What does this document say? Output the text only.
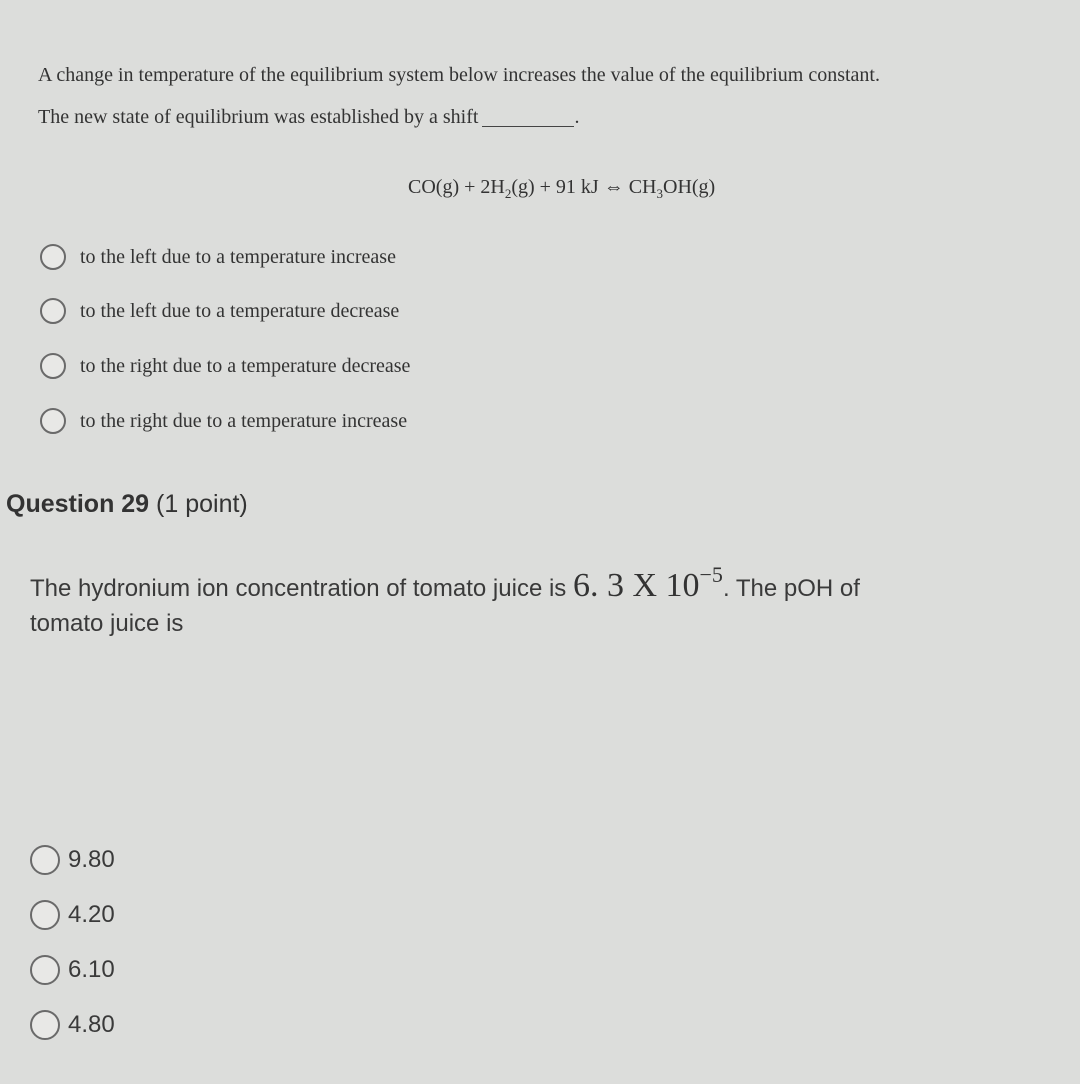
A change in temperature of the equilibrium system below increases the value of the equilibrium constant.
The new state of equilibrium was established by a shift	.
$CO(g) + 2H_2(g) + 91$ kJ ⇔ $CH_3OH(g)$
to the left due to a temperature increase
to the left due to a temperature decrease
to the right due to a temperature decrease
to the right due to a temperature increase
Question 29 (1 point)
The hydronium ion concentration of tomato juice is 6. 3 X $10^{-5}$. The pOH of
tomato juice is
9.80
4.20
6.10
4.80
